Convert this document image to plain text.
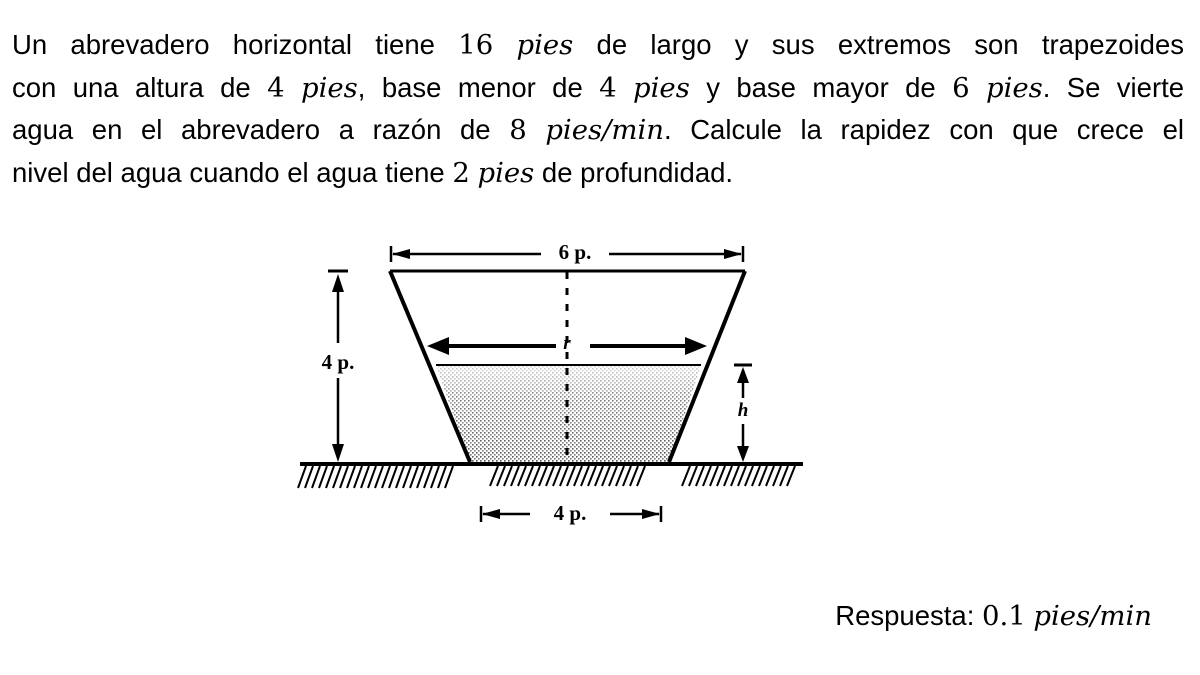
Un abrevadero horizontal tiene 16 pies de largo y sus extremos son trapezoides
con una altura de 4 pies, base menor de 4 pies y base mayor de 6 pies. Se vierte
agua en el abrevadero a razón de 8 pies/min. Calcule la rapidez con que crece el
nivel del agua cuando el agua tiene 2 pies de profundidad.

6 p.
r
4 p.
h
4 p.

Respuesta: 0.1 pies/min
